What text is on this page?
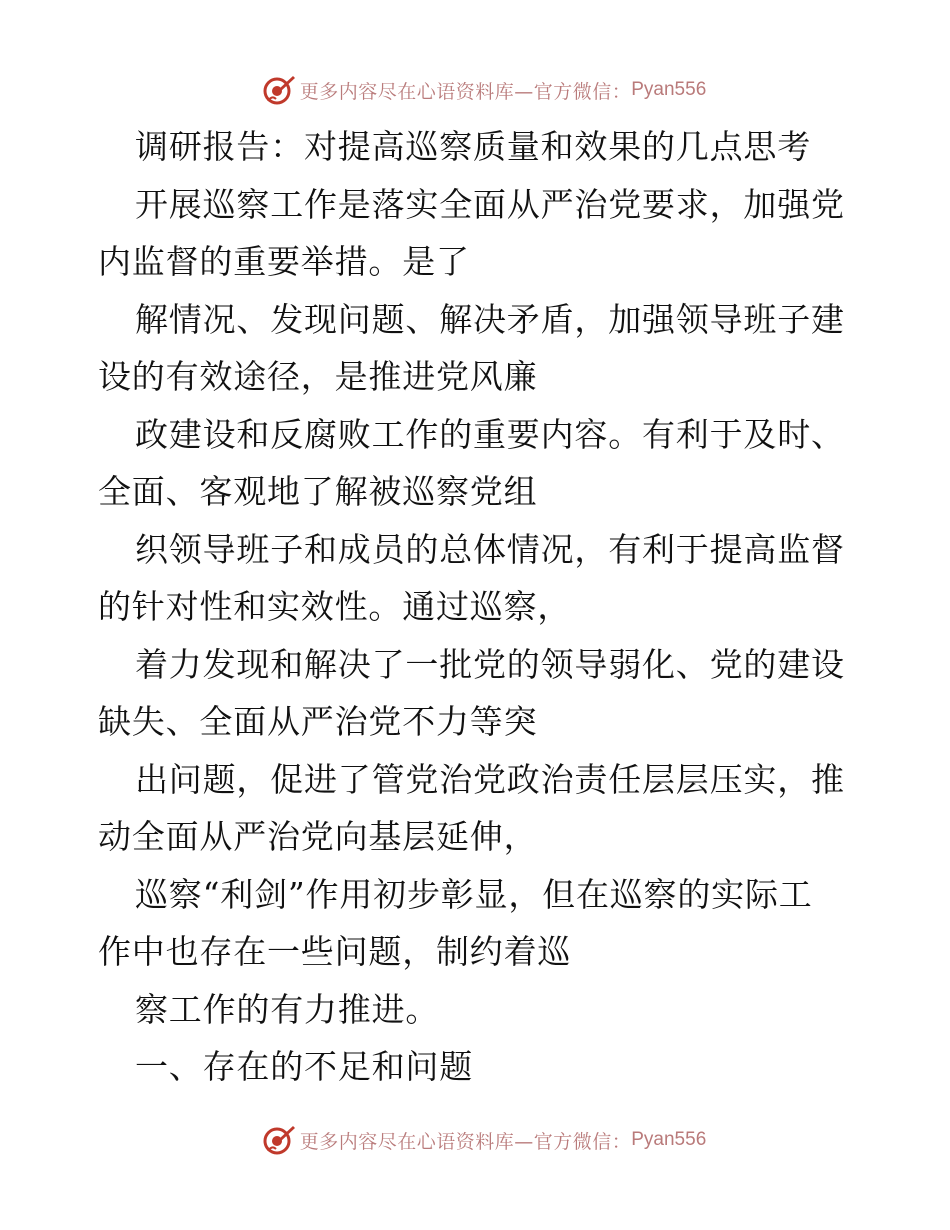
更多内容尽在心语资料库—官方微信： Pyan556
调研报告：对提高巡察质量和效果的几点思考
开展巡察工作是落实全面从严治党要求，加强党
内监督的重要举措。是了
解情况、发现问题、解决矛盾，加强领导班子建
设的有效途径，是推进党风廉
政建设和反腐败工作的重要内容。有利于及时、
全面、客观地了解被巡察党组
织领导班子和成员的总体情况，有利于提高监督
的针对性和实效性。通过巡察，
着力发现和解决了一批党的领导弱化、党的建设
缺失、全面从严治党不力等突
出问题，促进了管党治党政治责任层层压实，推
动全面从严治党向基层延伸，
巡察“利剑”作用初步彰显，但在巡察的实际工
作中也存在一些问题，制约着巡
察工作的有力推进。
一、存在的不足和问题
更多内容尽在心语资料库—官方微信： Pyan556
